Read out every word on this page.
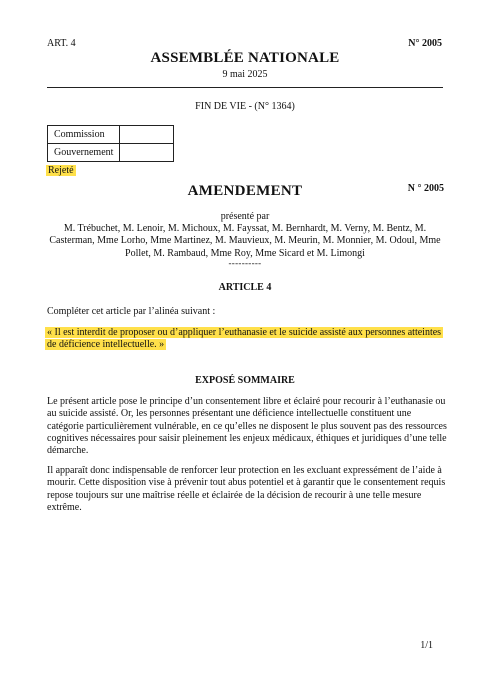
ART. 4	N° 2005
ASSEMBLÉE NATIONALE
9 mai 2025
FIN DE VIE - (N° 1364)
Commission	
Gouvernement	
Rejeté
AMENDEMENT	N ° 2005
présenté par
M. Trébuchet, M. Lenoir, M. Michoux, M. Fayssat, M. Bernhardt, M. Verny, M. Bentz, M. Casterman, Mme Lorho, Mme Martinez, M. Mauvieux, M. Meurin, M. Monnier, M. Odoul, Mme Pollet, M. Rambaud, Mme Roy, Mme Sicard et M. Limongi
----------
ARTICLE 4
Compléter cet article par l’alinéa suivant :
« Il est interdit de proposer ou d’appliquer l’euthanasie et le suicide assisté aux personnes atteintes de déficience intellectuelle. »
EXPOSÉ SOMMAIRE
Le présent article pose le principe d’un consentement libre et éclairé pour recourir à l’euthanasie ou au suicide assisté. Or, les personnes présentant une déficience intellectuelle constituent une catégorie particulièrement vulnérable, en ce qu’elles ne disposent le plus souvent pas des ressources cognitives nécessaires pour saisir pleinement les enjeux médicaux, éthiques et juridiques d’une telle démarche.
Il apparaît donc indispensable de renforcer leur protection en les excluant expressément de l’aide à mourir. Cette disposition vise à prévenir tout abus potentiel et à garantir que le consentement requis repose toujours sur une maîtrise réelle et éclairée de la décision de recourir à une telle mesure extrême.
1/1
